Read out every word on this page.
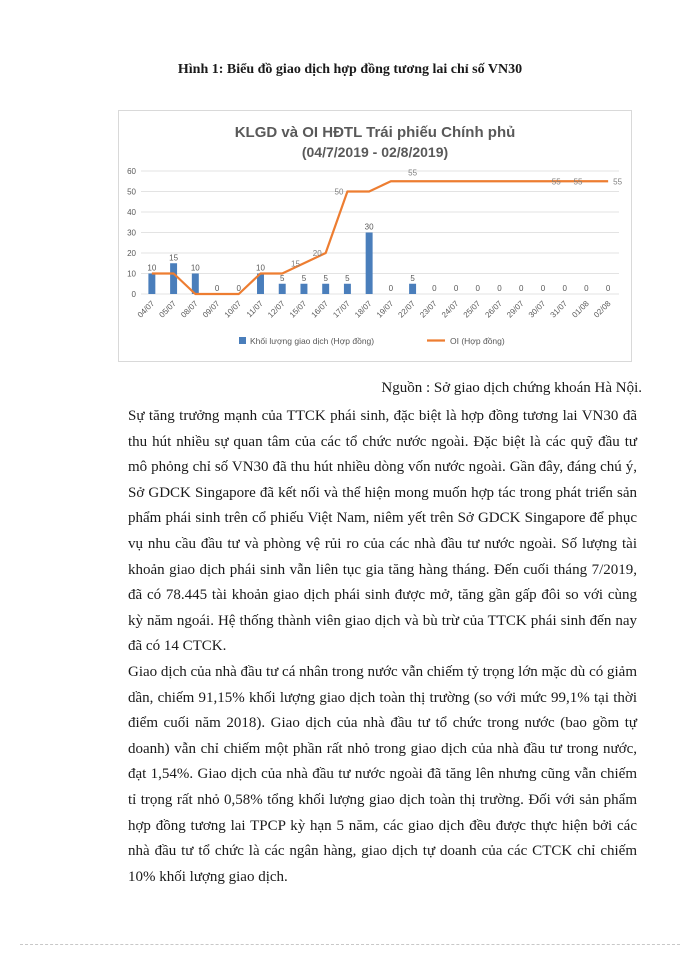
Hình 1: Biểu đồ giao dịch hợp đồng tương lai chỉ số VN30
KLGD và OI HĐTL Trái phiếu Chính phủ
(04/7/2019 - 02/8/2019)
0
10
20
30
40
50
60
10
15
10
0 0
10
5 5 5 5
30
0
5
0 0 0 0 0 0 0 0 0
15
20
50
55
55 55	55
04/07 05/07 08/07 09/07 10/07 11/07 12/07 15/07 16/07 17/07 18/07 19/07 22/07 23/07 24/07 25/07 26/07 29/07 30/07 31/07 01/08 02/08
Khối lượng giao dịch (Hợp đồng)	OI (Hợp đồng)
Nguồn : Sở giao dịch chứng khoán Hà Nội.

Sự tăng trưởng mạnh của TTCK phái sinh, đặc biệt là hợp đồng tương lai VN30 đã thu hút nhiều sự quan tâm của các tổ chức nước ngoài. Đặc biệt là các quỹ đầu tư mô phỏng chỉ số VN30 đã thu hút nhiều dòng vốn nước ngoài. Gần đây, đáng chú ý, Sở GDCK Singapore đã kết nối và thể hiện mong muốn hợp tác trong phát triển sản phẩm phái sinh trên cổ phiếu Việt Nam, niêm yết trên Sở GDCK Singapore để phục vụ nhu cầu đầu tư và phòng vệ rủi ro của các nhà đầu tư nước ngoài. Số lượng tài khoản giao dịch phái sinh vẫn liên tục gia tăng hàng tháng. Đến cuối tháng 7/2019, đã có 78.445 tài khoản giao dịch phái sinh được mở, tăng gần gấp đôi so với cùng kỳ năm ngoái. Hệ thống thành viên giao dịch và bù trừ của TTCK phái sinh đến nay đã có 14 CTCK.

Giao dịch của nhà đầu tư cá nhân trong nước vẫn chiếm tỷ trọng lớn mặc dù có giảm dần, chiếm 91,15% khối lượng giao dịch toàn thị trường (so với mức 99,1% tại thời điểm cuối năm 2018). Giao dịch của nhà đầu tư tổ chức trong nước (bao gồm tự doanh) vẫn chỉ chiếm một phần rất nhỏ trong giao dịch của nhà đầu tư trong nước, đạt 1,54%. Giao dịch của nhà đầu tư nước ngoài đã tăng lên nhưng cũng vẫn chiếm tỉ trọng rất nhỏ 0,58% tổng khối lượng giao dịch toàn thị trường. Đối với sản phẩm hợp đồng tương lai TPCP kỳ hạn 5 năm, các giao dịch đều được thực hiện bởi các nhà đầu tư tổ chức là các ngân hàng, giao dịch tự doanh của các CTCK chỉ chiếm 10% khối lượng giao dịch.
